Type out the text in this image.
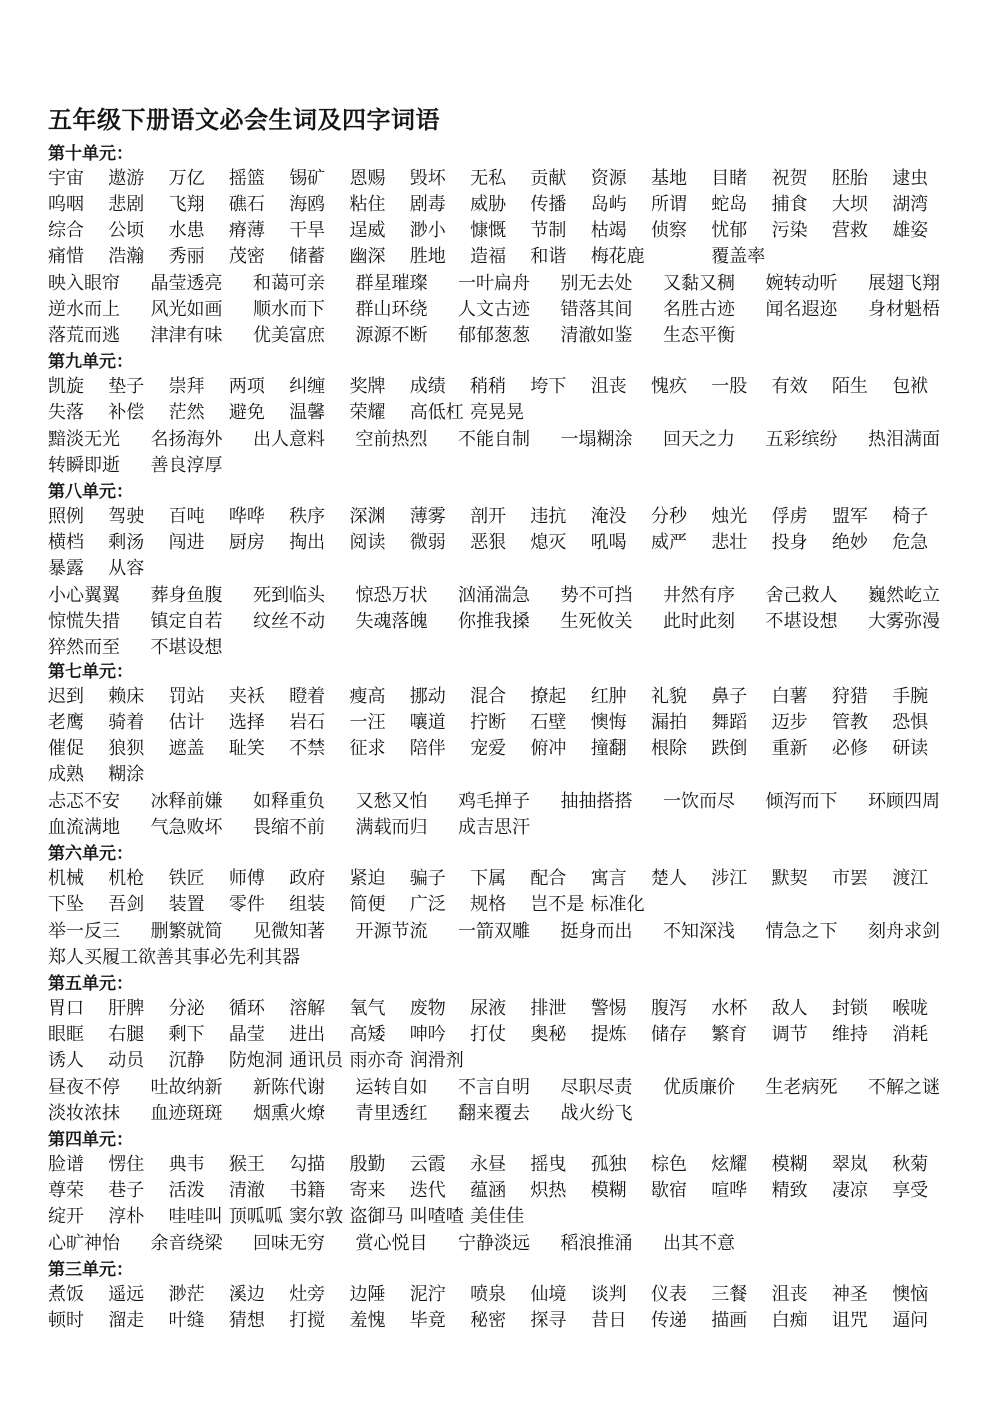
五年级下册语文必会生词及四字词语
第十单元：
宇宙 遨游 万亿 摇篮 锡矿 恩赐 毁坏 无私 贡献 资源 基地 目睹 祝贺 胚胎 逮虫
呜咽 悲剧 飞翔 礁石 海鸥 粘住 剧毒 威胁 传播 岛屿 所谓 蛇岛 捕食 大坝 湖湾
综合 公顷 水患 瘠薄 干旱 逞威 渺小 慷慨 节制 枯竭 侦察 忧郁 污染 营救 雄姿
痛惜 浩瀚 秀丽 茂密 储蓄 幽深 胜地 造福 和谐 梅花鹿	覆盖率
映入眼帘 晶莹透亮 和蔼可亲 群星璀璨 一叶扁舟 别无去处 又黏又稠 婉转动听 展翅飞翔
逆水而上 风光如画 顺水而下 群山环绕 人文古迹 错落其间 名胜古迹 闻名遐迩 身材魁梧
落荒而逃 津津有味 优美富庶 源源不断 郁郁葱葱 清澈如鉴 生态平衡
第九单元：
凯旋 垫子 崇拜 两项 纠缠 奖牌 成绩 稍稍 垮下 沮丧 愧疚 一股 有效 陌生 包袱
失落 补偿 茫然 避免 温馨 荣耀 高低杠 亮晃晃
黯淡无光 名扬海外 出人意料 空前热烈 不能自制 一塌糊涂 回天之力 五彩缤纷 热泪满面
转瞬即逝 善良淳厚
第八单元：
照例 驾驶 百吨 哗哗 秩序 深渊 薄雾 剖开 违抗 淹没 分秒 烛光 俘虏 盟军 椅子
横档 剩汤 闯进 厨房 掏出 阅读 微弱 恶狠 熄灭 吼喝 威严 悲壮 投身 绝妙 危急
暴露 从容
小心翼翼 葬身鱼腹 死到临头 惊恐万状 汹涌湍急 势不可挡 井然有序 舍己救人 巍然屹立
惊慌失措 镇定自若 纹丝不动 失魂落魄 你推我搡 生死攸关 此时此刻 不堪设想 大雾弥漫
猝然而至 不堪设想
第七单元：
迟到 赖床 罚站 夹袄 瞪着 瘦高 挪动 混合 撩起 红肿 礼貌 鼻子 白薯 狩猎 手腕
老鹰 骑着 估计 选择 岩石 一汪 嚷道 拧断 石壁 懊悔 漏拍 舞蹈 迈步 管教 恐惧
催促 狼狈 遮盖 耻笑 不禁 征求 陪伴 宠爱 俯冲 撞翻 根除 跌倒 重新 必修 研读
成熟 糊涂
忐忑不安 冰释前嫌 如释重负 又愁又怕 鸡毛掸子 抽抽搭搭 一饮而尽 倾泻而下 环顾四周
血流满地 气急败坏 畏缩不前 满载而归 成吉思汗
第六单元：
机械 机枪 铁匠 师傅 政府 紧迫 骗子 下属 配合 寓言 楚人 涉江 默契 市罢 渡江
下坠 吾剑 装置 零件 组装 简便 广泛 规格 岂不是 标准化
举一反三 删繁就简 见微知著 开源节流 一箭双雕 挺身而出 不知深浅 情急之下 刻舟求剑
郑人买履工欲善其事必先利其器
第五单元：
胃口 肝脾 分泌 循环 溶解 氧气 废物 尿液 排泄 警惕 腹泻 水杯 敌人 封锁 喉咙
眼眶 右腿 剩下 晶莹 进出 高矮 呻吟 打仗 奥秘 提炼 储存 繁育 调节 维持 消耗
诱人 动员 沉静 防炮洞 通讯员 雨亦奇 润滑剂
昼夜不停 吐故纳新 新陈代谢 运转自如 不言自明 尽职尽责 优质廉价 生老病死 不解之谜
淡妆浓抹 血迹斑斑 烟熏火燎 青里透红 翻来覆去 战火纷飞
第四单元：
脸谱 愣住 典韦 猴王 勾描 殷勤 云霞 永昼 摇曳 孤独 棕色 炫耀 模糊 翠岚 秋菊
尊荣 巷子 活泼 清澈 书籍 寄来 迭代 蕴涵 炽热 模糊 歇宿 喧哗 精致 凄凉 享受
绽开 淳朴 哇哇叫 顶呱呱 窦尔敦 盗御马 叫喳喳 美佳佳
心旷神怡 余音绕梁 回味无穷 赏心悦目 宁静淡远 稻浪推涌 出其不意
第三单元：
煮饭 遥远 渺茫 溪边 灶旁 边陲 泥泞 喷泉 仙境 谈判 仪表 三餐 沮丧 神圣 懊恼
顿时 溜走 叶缝 猜想 打搅 羞愧 毕竟 秘密 探寻 昔日 传递 描画 白痴 诅咒 逼问
